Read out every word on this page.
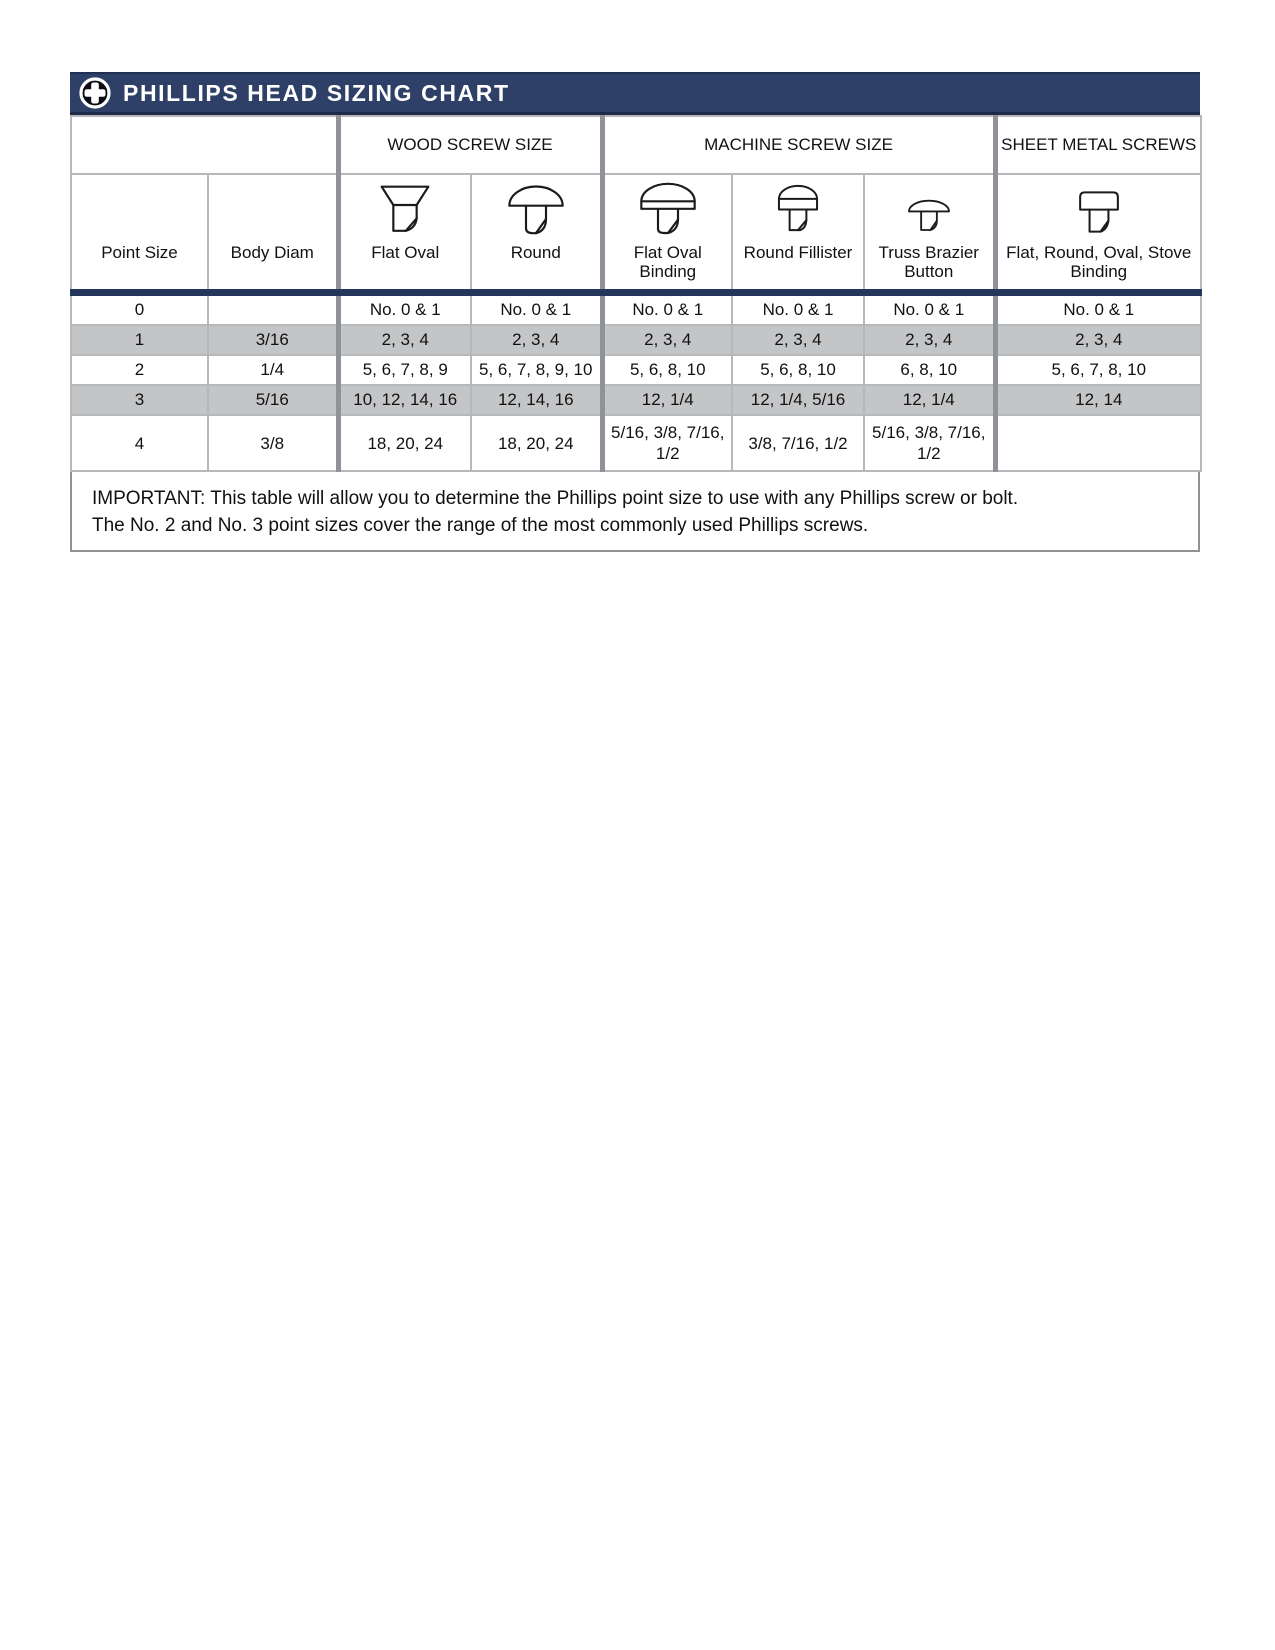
PHILLIPS HEAD SIZING CHART
		WOOD SCREW SIZE		MACHINE SCREW SIZE			SHEET METAL SCREWS

Point Size	Body Diam	Flat Oval	Round	Flat Oval Binding	Round Fillister	Truss Brazier Button	Flat, Round, Oval, Stove Binding

0		No. 0 & 1	No. 0 & 1	No. 0 & 1	No. 0 & 1	No. 0 & 1	No. 0 & 1
1	3/16	2, 3, 4	2, 3, 4	2, 3, 4	2, 3, 4	2, 3, 4	2, 3, 4
2	1/4	5, 6, 7, 8, 9	5, 6, 7, 8, 9, 10	5, 6, 8, 10	5, 6, 8, 10	6, 8, 10	5, 6, 7, 8, 10
3	5/16	10, 12, 14, 16	12, 14, 16	12, 1/4	12, 1/4, 5/16	12, 1/4	12, 14
4	3/8	18, 20, 24	18, 20, 24	5/16, 3/8, 7/16, 1/2	3/8, 7/16, 1/2	5/16, 3/8, 7/16, 1/2	
IMPORTANT: This table will allow you to determine the Phillips point size to use with any Phillips screw or bolt.
The No. 2 and No. 3 point sizes cover the range of the most commonly used Phillips screws.
